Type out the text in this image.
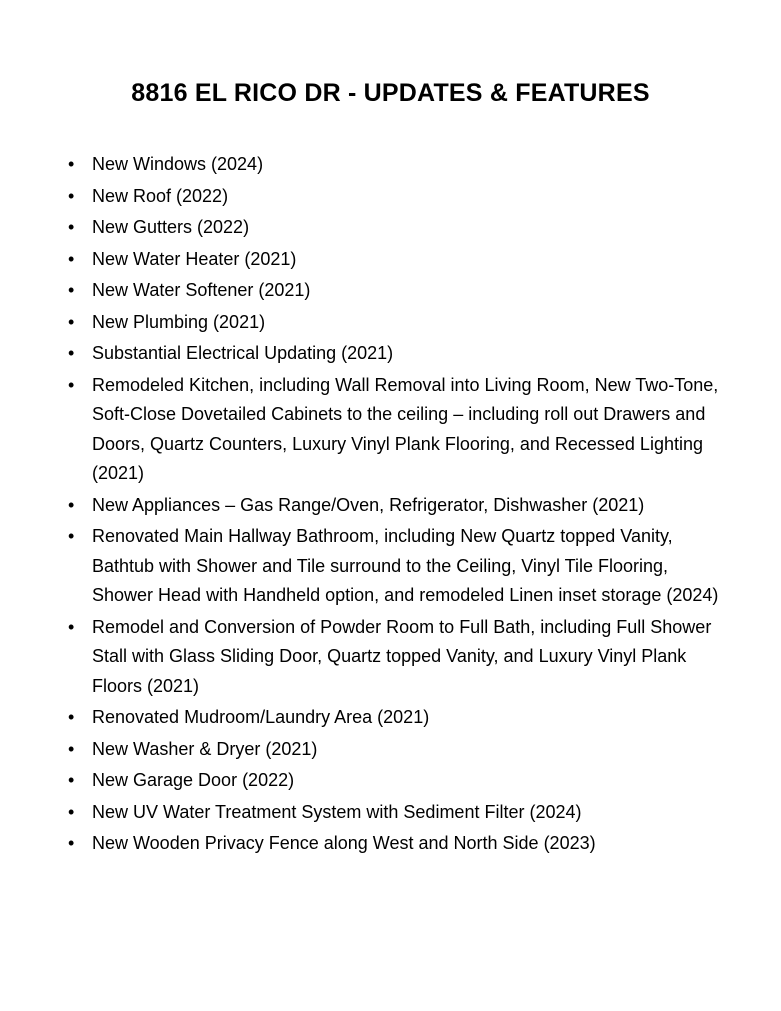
8816 EL RICO DR - UPDATES & FEATURES
• New Windows (2024)
• New Roof (2022)
• New Gutters (2022)
• New Water Heater (2021)
• New Water Softener (2021)
• New Plumbing (2021)
• Substantial Electrical Updating (2021)
• Remodeled Kitchen, including Wall Removal into Living Room, New Two-Tone, Soft-Close Dovetailed Cabinets to the ceiling – including roll out Drawers and Doors, Quartz Counters, Luxury Vinyl Plank Flooring, and Recessed Lighting (2021)
• New Appliances – Gas Range/Oven, Refrigerator, Dishwasher (2021)
• Renovated Main Hallway Bathroom, including New Quartz topped Vanity, Bathtub with Shower and Tile surround to the Ceiling, Vinyl Tile Flooring, Shower Head with Handheld option, and remodeled Linen inset storage (2024)
• Remodel and Conversion of Powder Room to Full Bath, including Full Shower Stall with Glass Sliding Door, Quartz topped Vanity, and Luxury Vinyl Plank Floors (2021)
• Renovated Mudroom/Laundry Area (2021)
• New Washer & Dryer (2021)
• New Garage Door (2022)
• New UV Water Treatment System with Sediment Filter (2024)
• New Wooden Privacy Fence along West and North Side (2023)
